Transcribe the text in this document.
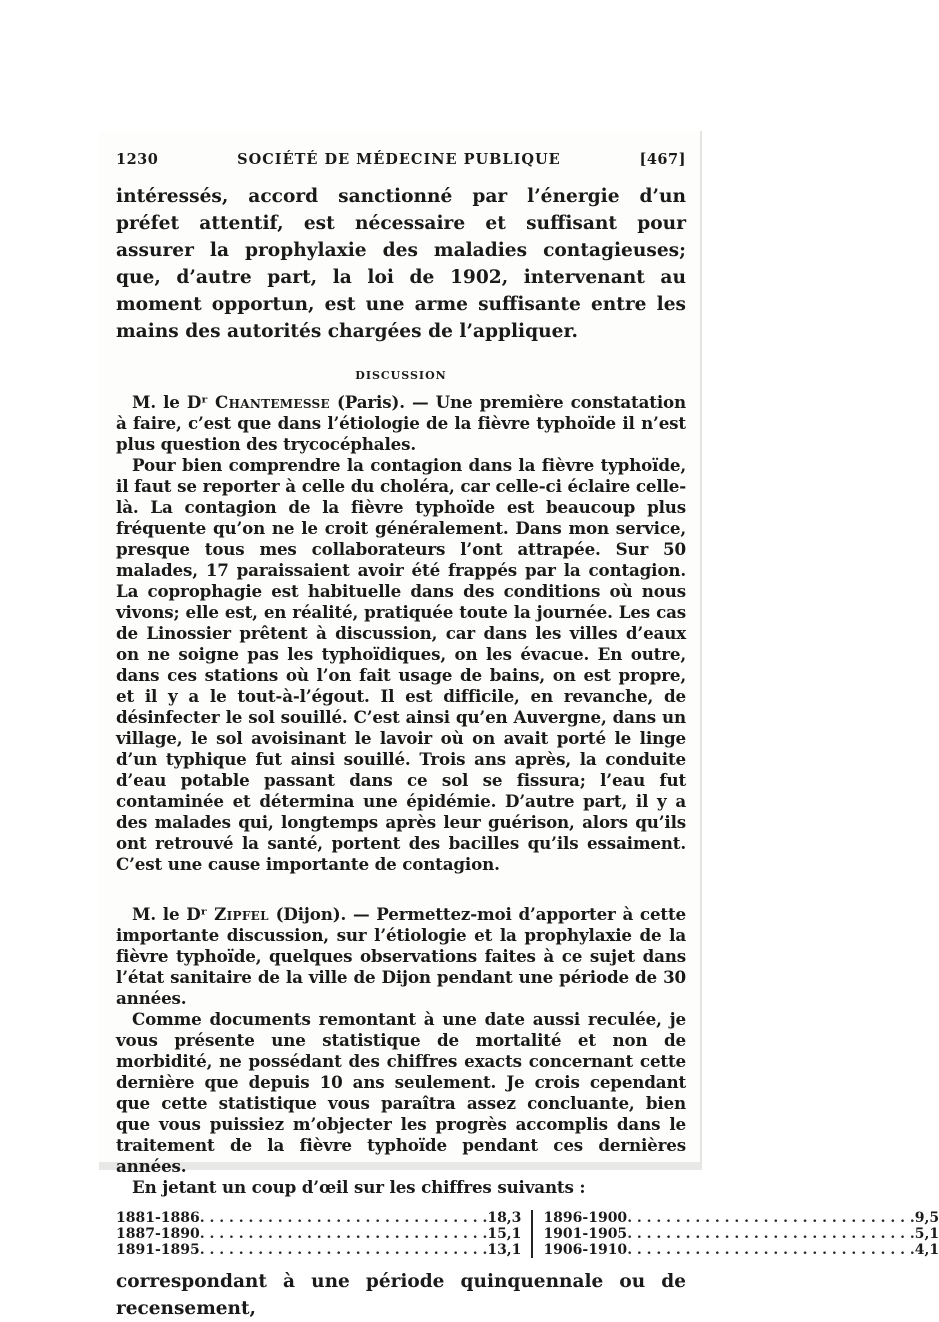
1230	SOCIÉTÉ DE MÉDECINE PUBLIQUE	[467]

intéressés, accord sanctionné par l’énergie d’un préfet attentif, est nécessaire et suffisant pour assurer la prophylaxie des maladies contagieuses; que, d’autre part, la loi de 1902, intervenant au moment opportun, est une arme suffisante entre les mains des autorités chargées de l’appliquer.

DISCUSSION

M. le Dʳ Chantemesse (Paris). — Une première constatation à faire, c’est que dans l’étiologie de la fièvre typhoïde il n’est plus question des trycocéphales.

Pour bien comprendre la contagion dans la fièvre typhoïde, il faut se reporter à celle du choléra, car celle-ci éclaire celle-là. La contagion de la fièvre typhoïde est beaucoup plus fréquente qu’on ne le croit généralement. Dans mon service, presque tous mes collaborateurs l’ont attrapée. Sur 50 malades, 17 paraissaient avoir été frappés par la contagion. La coprophagie est habituelle dans des conditions où nous vivons; elle est, en réalité, pratiquée toute la journée. Les cas de Linossier prêtent à discussion, car dans les villes d’eaux on ne soigne pas les typhoïdiques, on les évacue. En outre, dans ces stations où l’on fait usage de bains, on est propre, et il y a le tout-à-l’égout. Il est difficile, en revanche, de désinfecter le sol souillé. C’est ainsi qu’en Auvergne, dans un village, le sol avoisinant le lavoir où on avait porté le linge d’un typhique fut ainsi souillé. Trois ans après, la conduite d’eau potable passant dans ce sol se fissura; l’eau fut contaminée et détermina une épidémie. D’autre part, il y a des malades qui, longtemps après leur guérison, alors qu’ils ont retrouvé la santé, portent des bacilles qu’ils essaiment. C’est une cause importante de contagion.

M. le Dʳ Zipfel (Dijon). — Permettez-moi d’apporter à cette importante discussion, sur l’étiologie et la prophylaxie de la fièvre typhoïde, quelques observations faites à ce sujet dans l’état sanitaire de la ville de Dijon pendant une période de 30 années.

Comme documents remontant à une date aussi reculée, je vous présente une statistique de mortalité et non de morbidité, ne possédant des chiffres exacts concernant cette dernière que depuis 10 ans seulement. Je crois cependant que cette statistique vous paraîtra assez concluante, bien que vous puissiez m’objecter les progrès accomplis dans le traitement de la fièvre typhoïde pendant ces dernières années.

En jetant un coup d’œil sur les chiffres suivants :

1881-1886	. . . . . . . . . . . . . . . . . . . . . . . . . . . . . .	18,3		1896-1900	. . . . . . . . . . . . . . . . . . . . . . . . . . . . . .	9,5
1887-1890	. . . . . . . . . . . . . . . . . . . . . . . . . . . . . .	15,1		1901-1905	. . . . . . . . . . . . . . . . . . . . . . . . . . . . . .	5,1
1891-1895	. . . . . . . . . . . . . . . . . . . . . . . . . . . . . .	13,1		1906-1910	. . . . . . . . . . . . . . . . . . . . . . . . . . . . . .	4,1

correspondant à une période quinquennale ou de recensement,
